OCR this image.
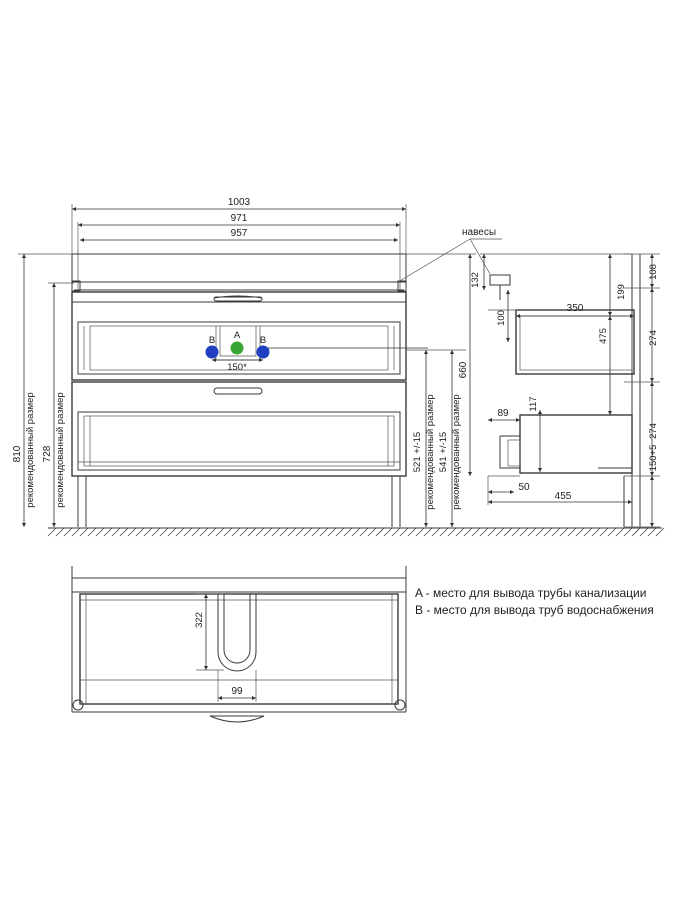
1003
971
957
A
B	B
150*
810 рекомендованный размер 728 рекомендованный размер	521 +/-15 рекомендованный размер 541 +/-15 рекомендованный размер
660
навесы
132
100
350
199
475
108
274
274
150+5
117
89
50
455
322
99
A - место для вывода трубы канализации
B - место для вывода труб водоснабжения
